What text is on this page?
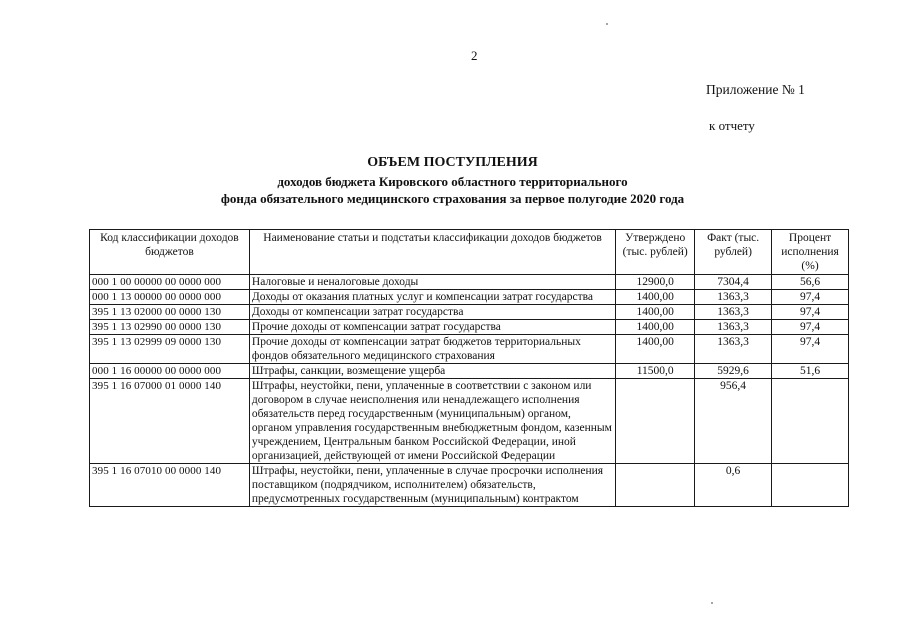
2
Приложение № 1
к отчету
ОБЪЕМ ПОСТУПЛЕНИЯ
доходов бюджета Кировского областного территориального
фонда обязательного медицинского страхования за первое полугодие 2020 года
Код классификации доходов бюджетов	Наименование статьи и подстатьи классификации доходов бюджетов	Утверждено (тыс. рублей)	Факт (тыс. рублей)	Процент исполнения (%)
000 1 00 00000 00 0000 000	Налоговые и неналоговые доходы	12900,0	7304,4	56,6
000 1 13 00000 00 0000 000	Доходы от оказания платных услуг и компенсации затрат государства	1400,00	1363,3	97,4
395 1 13 02000 00 0000 130	Доходы от компенсации затрат государства	1400,00	1363,3	97,4
395 1 13 02990 00 0000 130	Прочие доходы от компенсации затрат государства	1400,00	1363,3	97,4
395 1 13 02999 09 0000 130	Прочие доходы от компенсации затрат бюджетов территориальных фондов обязательного медицинского страхования	1400,00	1363,3	97,4
000 1 16 00000 00 0000 000	Штрафы, санкции, возмещение ущерба	11500,0	5929,6	51,6
395 1 16 07000 01 0000 140	Штрафы, неустойки, пени, уплаченные в соответствии с законом или договором в случае неисполнения или ненадлежащего исполнения обязательств перед государственным (муниципальным) органом, органом управления государственным внебюджетным фондом, казенным учреждением, Центральным банком Российской Федерации, иной организацией, действующей от имени Российской Федерации		956,4	
395 1 16 07010 00 0000 140	Штрафы, неустойки, пени, уплаченные в случае просрочки исполнения поставщиком (подрядчиком, исполнителем) обязательств, предусмотренных государственным (муниципальным) контрактом		0,6	
